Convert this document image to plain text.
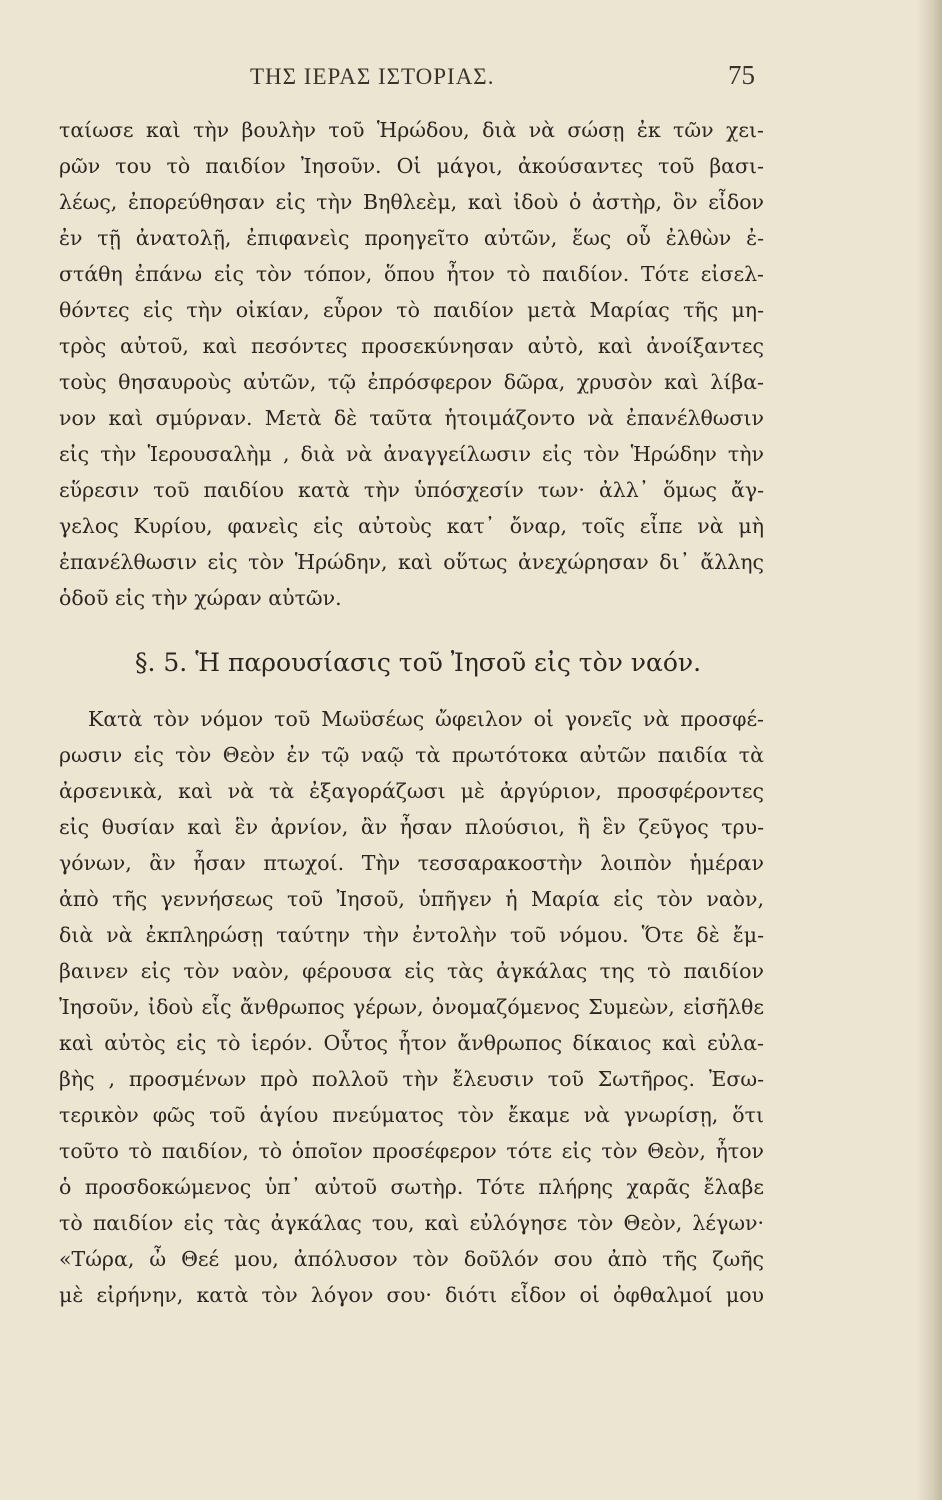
ΤΗΣ ΙΕΡΑΣ ΙΣΤΟΡΙΑΣ.	75
ταίωσε καὶ τὴν βουλὴν τοῦ Ἡρώδου, διὰ νὰ σώσῃ ἐκ τῶν χει-
ρῶν του τὸ παιδίον Ἰησοῦν. Οἱ μάγοι, ἀκούσαντες τοῦ βασι-
λέως, ἐπορεύθησαν εἰς τὴν Βηθλεὲμ, καὶ ἰδοὺ ὁ ἀστὴρ, ὃν εἶδον
ἐν τῇ ἀνατολῇ, ἐπιφανεὶς προηγεῖτο αὐτῶν, ἕως οὗ ἐλθὼν ἐ-
στάθη ἐπάνω εἰς τὸν τόπον, ὅπου ἦτον τὸ παιδίον. Τότε εἰσελ-
θόντες εἰς τὴν οἰκίαν, εὗρον τὸ παιδίον μετὰ Μαρίας τῆς μη-
τρὸς αὐτοῦ, καὶ πεσόντες προσεκύνησαν αὐτὸ, καὶ ἀνοίξαντες
τοὺς θησαυροὺς αὐτῶν, τῷ ἐπρόσφερον δῶρα, χρυσὸν καὶ λίβα-
νον καὶ σμύρναν. Μετὰ δὲ ταῦτα ἡτοιμάζοντο νὰ ἐπανέλθωσιν
εἰς τὴν Ἱερουσαλὴμ , διὰ νὰ ἀναγγείλωσιν εἰς τὸν Ἡρώδην τὴν
εὕρεσιν τοῦ παιδίου κατὰ τὴν ὑπόσχεσίν των· ἀλλ᾽ ὅμως ἄγ-
γελος Κυρίου, φανεὶς εἰς αὐτοὺς κατ᾽ ὄναρ, τοῖς εἶπε νὰ μὴ
ἐπανέλθωσιν εἰς τὸν Ἡρώδην, καὶ οὕτως ἀνεχώρησαν δι᾽ ἄλλης
ὁδοῦ εἰς τὴν χώραν αὐτῶν.
§. 5. Ἡ παρουσίασις τοῦ Ἰησοῦ εἰς τὸν ναόν.
Κατὰ τὸν νόμον τοῦ Μωϋσέως ὤφειλον οἱ γονεῖς νὰ προσφέ-
ρωσιν εἰς τὸν Θεὸν ἐν τῷ ναῷ τὰ πρωτότοκα αὐτῶν παιδία τὰ
ἀρσενικὰ, καὶ νὰ τὰ ἐξαγοράζωσι μὲ ἀργύριον, προσφέροντες
εἰς θυσίαν καὶ ἓν ἀρνίον, ἂν ἦσαν πλούσιοι, ἢ ἓν ζεῦγος τρυ-
γόνων, ἂν ἦσαν πτωχοί. Τὴν τεσσαρακοστὴν λοιπὸν ἡμέραν
ἀπὸ τῆς γεννήσεως τοῦ Ἰησοῦ, ὑπῆγεν ἡ Μαρία εἰς τὸν ναὸν,
διὰ νὰ ἐκπληρώσῃ ταύτην τὴν ἐντολὴν τοῦ νόμου. Ὅτε δὲ ἔμ-
βαινεν εἰς τὸν ναὸν, φέρουσα εἰς τὰς ἀγκάλας της τὸ παιδίον
Ἰησοῦν, ἰδοὺ εἷς ἄνθρωπος γέρων, ὀνομαζόμενος Συμεὼν, εἰσῆλθε
καὶ αὐτὸς εἰς τὸ ἱερόν. Οὗτος ἦτον ἄνθρωπος δίκαιος καὶ εὐλα-
βὴς , προσμένων πρὸ πολλοῦ τὴν ἔλευσιν τοῦ Σωτῆρος. Ἐσω-
τερικὸν φῶς τοῦ ἁγίου πνεύματος τὸν ἔκαμε νὰ γνωρίσῃ, ὅτι
τοῦτο τὸ παιδίον, τὸ ὁποῖον προσέφερον τότε εἰς τὸν Θεὸν, ἦτον
ὁ προσδοκώμενος ὑπ᾽ αὐτοῦ σωτὴρ. Τότε πλήρης χαρᾶς ἔλαβε
τὸ παιδίον εἰς τὰς ἀγκάλας του, καὶ εὐλόγησε τὸν Θεὸν, λέγων·
«Τώρα, ὦ Θεέ μου, ἀπόλυσον τὸν δοῦλόν σου ἀπὸ τῆς ζωῆς
μὲ εἰρήνην, κατὰ τὸν λόγον σου· διότι εἶδον οἱ ὀφθαλμοί μου
